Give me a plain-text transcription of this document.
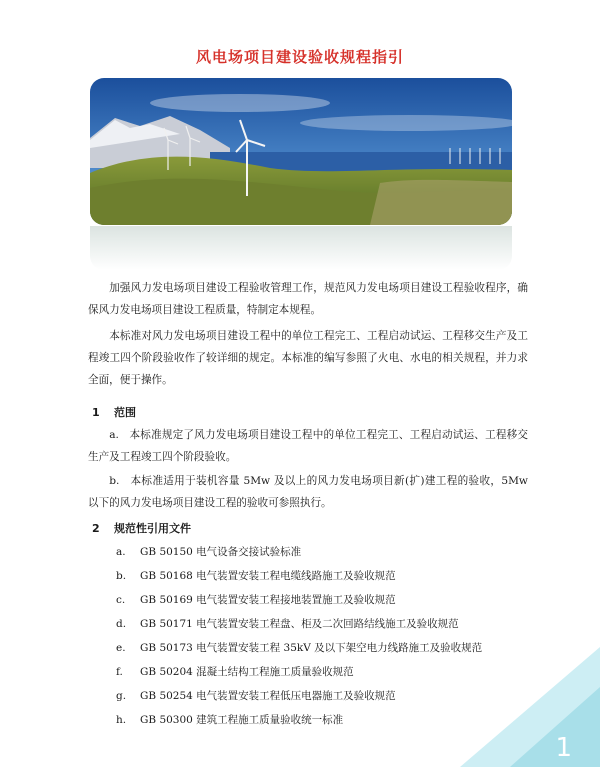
风电场项目建设验收规程指引
加强风力发电场项目建设工程验收管理工作，规范风力发电场项目建设工程验收程序，确保风力发电场项目建设工程质量，特制定本规程。
本标准对风力发电场项目建设工程中的单位工程完工、工程启动试运、工程移交生产及工程竣工四个阶段验收作了较详细的规定。本标准的编写参照了火电、水电的相关规程，并力求全面，便于操作。
1 范围
a. 本标准规定了风力发电场项目建设工程中的单位工程完工、工程启动试运、工程移交生产及工程竣工四个阶段验收。
b. 本标准适用于装机容量 5Mw 及以上的风力发电场项目新(扩)建工程的验收，5Mw 以下的风力发电场项目建设工程的验收可参照执行。
2 规范性引用文件
a. GB 50150 电气设备交接试验标准
b. GB 50168 电气装置安装工程电缆线路施工及验收规范
c. GB 50169 电气装置安装工程接地装置施工及验收规范
d. GB 50171 电气装置安装工程盘、柜及二次回路结线施工及验收规范
e. GB 50173 电气装置安装工程 35kV 及以下架空电力线路施工及验收规范
f. GB 50204 混凝土结构工程施工质量验收规范
g. GB 50254 电气装置安装工程低压电器施工及验收规范
h. GB 50300 建筑工程施工质量验收统一标准
1
